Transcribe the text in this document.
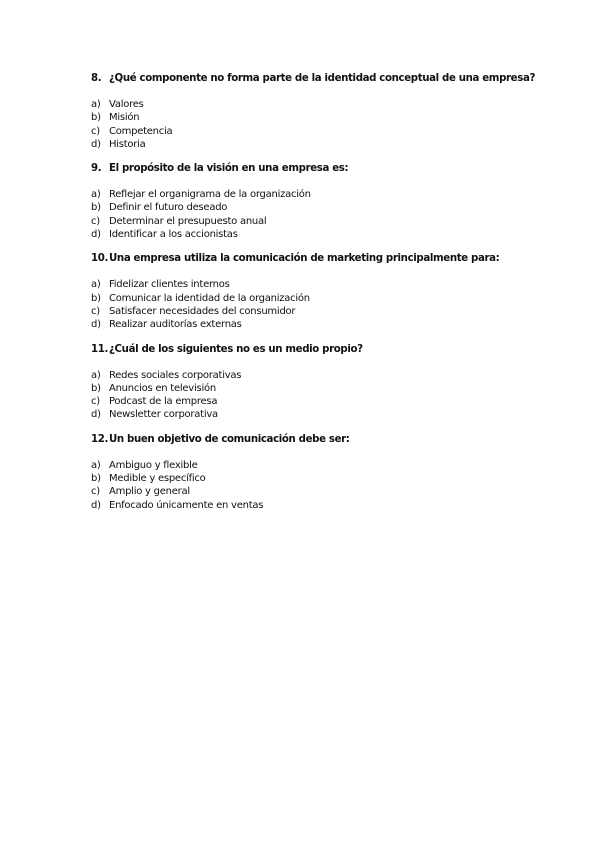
8. ¿Qué componente no forma parte de la identidad conceptual de una empresa?
a) Valores
b) Misión
c) Competencia
d) Historia
9. El propósito de la visión en una empresa es:
a) Reflejar el organigrama de la organización
b) Definir el futuro deseado
c) Determinar el presupuesto anual
d) Identificar a los accionistas
10. Una empresa utiliza la comunicación de marketing principalmente para:
a) Fidelizar clientes internos
b) Comunicar la identidad de la organización
c) Satisfacer necesidades del consumidor
d) Realizar auditorías externas
11. ¿Cuál de los siguientes no es un medio propio?
a) Redes sociales corporativas
b) Anuncios en televisión
c) Podcast de la empresa
d) Newsletter corporativa
12. Un buen objetivo de comunicación debe ser:
a) Ambiguo y flexible
b) Medible y específico
c) Amplio y general
d) Enfocado únicamente en ventas
